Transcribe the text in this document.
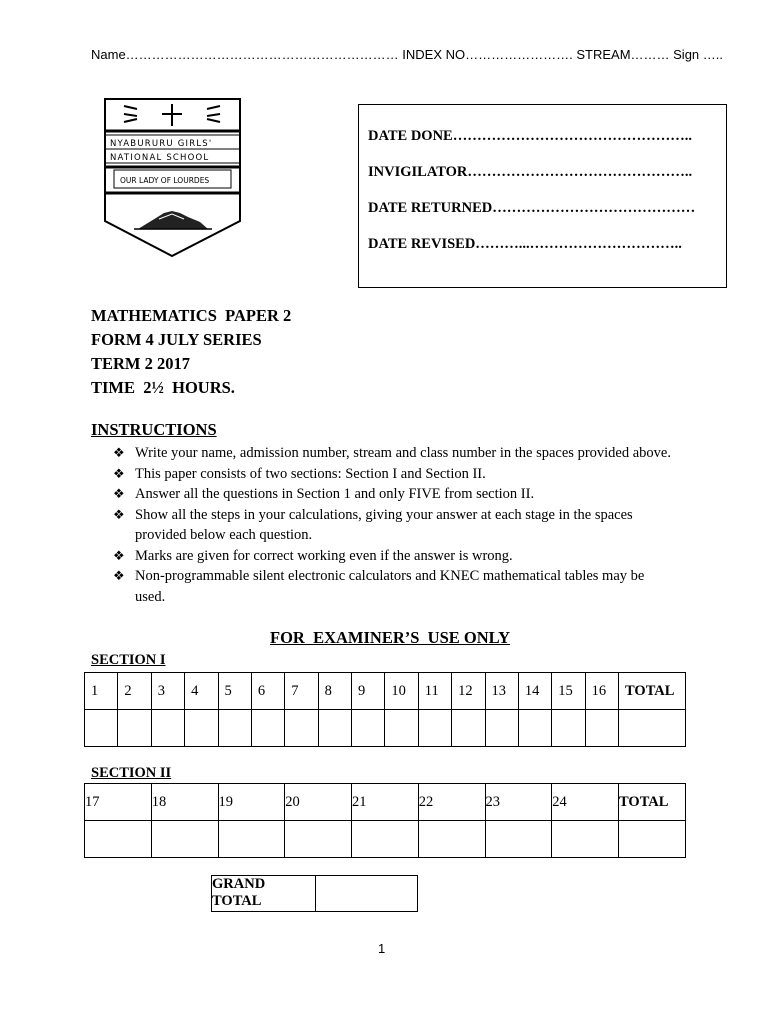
Name……………………………………………………… INDEX NO……………………. STREAM……… Sign …..
NYABURURU GIRLS'
NATIONAL SCHOOL
OUR LADY OF LOURDES
DATE DONE…………………………………………..
INVIGILATOR………………………………………..
DATE RETURNED……………………………………
DATE REVISED………...…………………………..
MATHEMATICS  PAPER 2
FORM 4 JULY SERIES
TERM 2 2017
TIME  2½  HOURS.
INSTRUCTIONS
❖ Write your name, admission number, stream and class number in the spaces provided above.
❖ This paper consists of two sections: Section I and Section II.
❖ Answer all the questions in Section 1 and only FIVE from section II.
❖ Show all the steps in your calculations, giving your answer at each stage in the spaces provided below each question.
❖ Marks are given for correct working even if the answer is wrong.
❖ Non-programmable silent electronic calculators and KNEC mathematical tables may be used.
FOR  EXAMINER’S  USE ONLY
SECTION I
1	2	3	4	5	6	7	8	9	10	11	12	13	14	15	16	TOTAL

SECTION II
17	18	19	20	21	22	23	24	TOTAL

GRAND
TOTAL

1
